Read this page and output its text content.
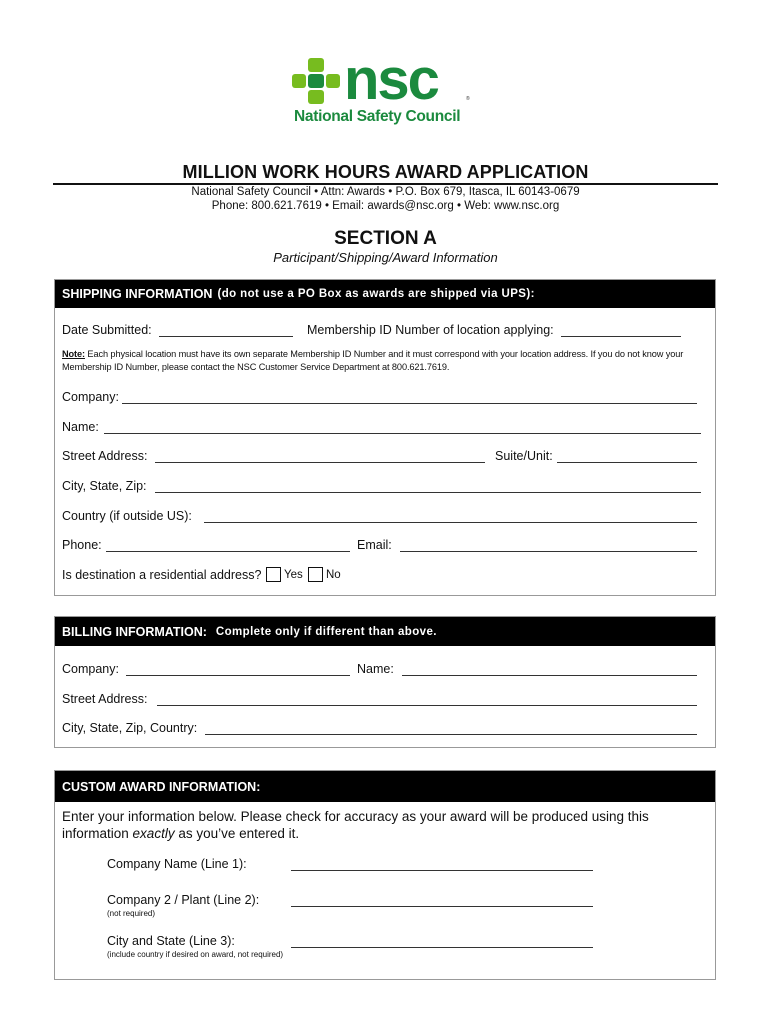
nsc	®
National Safety Council
MILLION WORK HOURS AWARD APPLICATION
National Safety Council • Attn: Awards • P.O. Box 679, Itasca, IL 60143-0679
Phone: 800.621.7619 • Email: awards@nsc.org • Web: www.nsc.org
SECTION A
Participant/Shipping/Award Information
SHIPPING INFORMATION (do not use a PO Box as awards are shipped via UPS):
Date Submitted:	Membership ID Number of location applying:
Note: Each physical location must have its own separate Membership ID Number and it must correspond with your location address. If you do not know your Membership ID Number, please contact the NSC Customer Service Department at 800.621.7619.
Company:
Name:
Street Address:	Suite/Unit:
City, State, Zip:
Country (if outside US):
Phone:	Email:
Is destination a residential address? Yes No
BILLING INFORMATION: Complete only if different than above.
Company:	Name:
Street Address:
City, State, Zip, Country:
CUSTOM AWARD INFORMATION:
Enter your information below. Please check for accuracy as your award will be produced using this information exactly as you’ve entered it.
Company Name (Line 1):
Company 2 / Plant (Line 2):
(not required)
City and State (Line 3):
(include country if desired on award, not required)
